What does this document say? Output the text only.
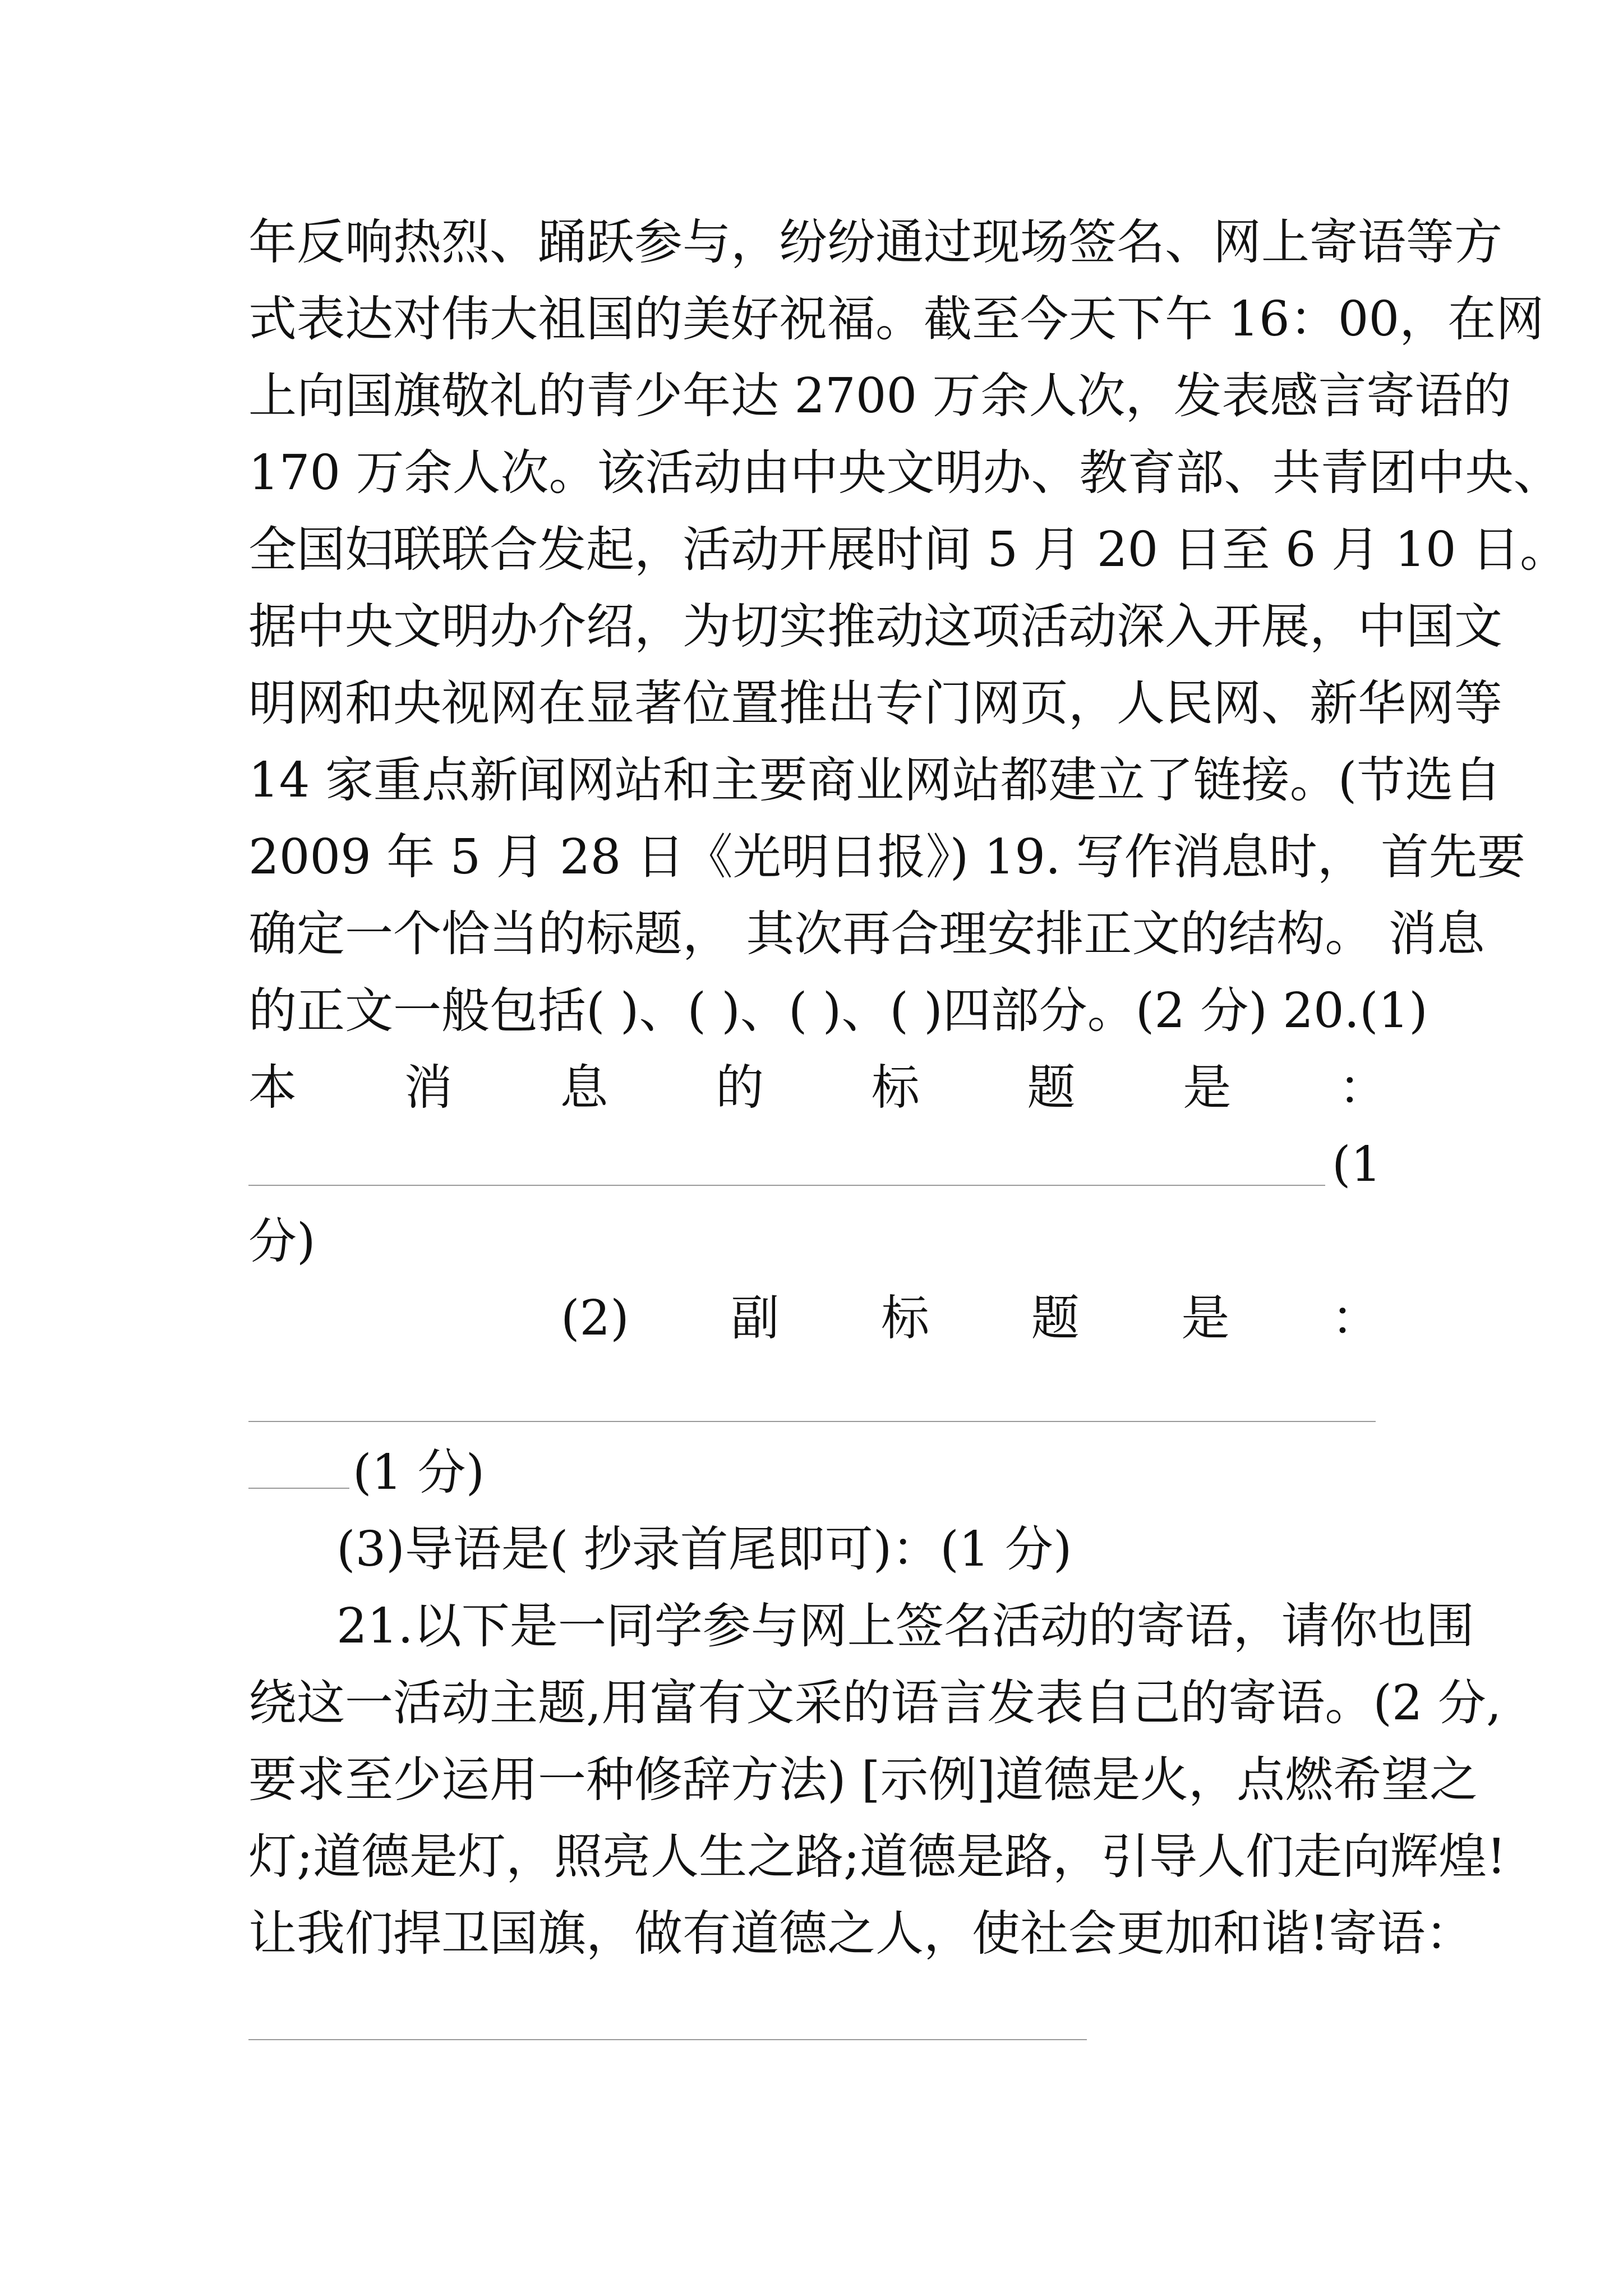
年反响热烈、踊跃参与，纷纷通过现场签名、网上寄语等方
式表达对伟大祖国的美好祝福。截至今天下午 16：00，在网
上向国旗敬礼的青少年达 2700 万余人次，发表感言寄语的
170 万余人次。该活动由中央文明办、教育部、共青团中央、
全国妇联联合发起，活动开展时间 5 月 20 日至 6 月 10 日。
据中央文明办介绍，为切实推动这项活动深入开展，中国文
明网和央视网在显著位置推出专门网页，人民网、新华网等
14 家重点新闻网站和主要商业网站都建立了链接。(节选自
2009 年 5 月 28 日《光明日报》) 19. 写作消息时， 首先要
确定一个恰当的标题， 其次再合理安排正文的结构。 消息
的正文一般包括( )、( )、( )、( )四部分。(2 分) 20.(1)
本 消 息 的 标 题 是 ：
(1
分)
(2) 副 标 题 是 ：
(1 分)
(3)导语是( 抄录首尾即可)：(1 分)
21.以下是一同学参与网上签名活动的寄语，请你也围
绕这一活动主题,用富有文采的语言发表自己的寄语。(2 分,
要求至少运用一种修辞方法) [示例]道德是火，点燃希望之
灯;道德是灯，照亮人生之路;道德是路，引导人们走向辉煌!
让我们捍卫国旗，做有道德之人，使社会更加和谐!寄语：
